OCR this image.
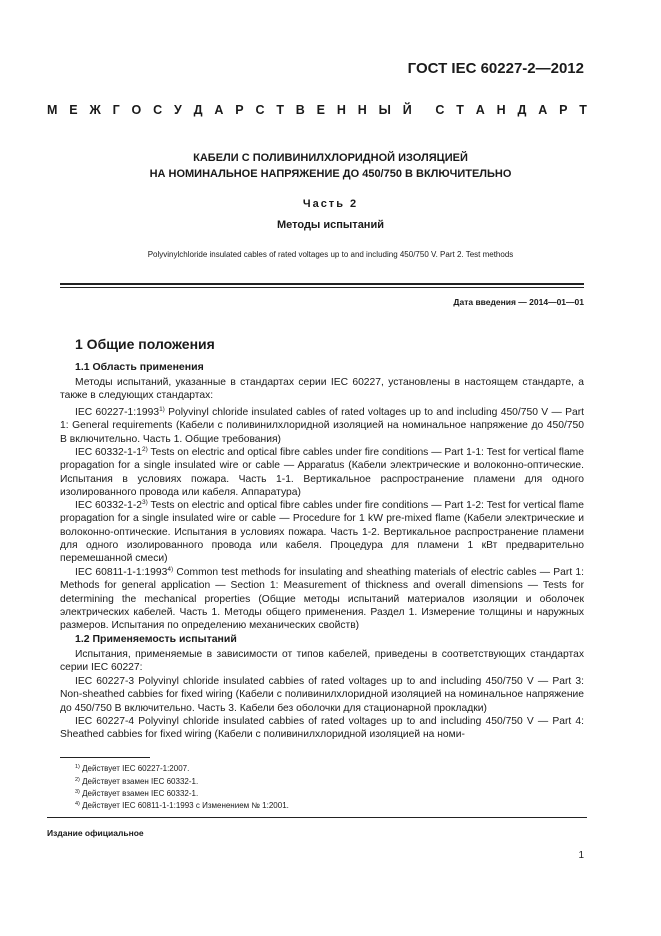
ГОСТ IEC 60227-2—2012
М Е Ж Г О С У Д А Р С Т В Е Н Н Ы Й С Т А Н Д А Р Т
КАБЕЛИ С ПОЛИВИНИЛХЛОРИДНОЙ ИЗОЛЯЦИЕЙ
НА НОМИНАЛЬНОЕ НАПРЯЖЕНИЕ ДО 450/750 В ВКЛЮЧИТЕЛЬНО
Часть 2
Методы испытаний
Polyvinylchloride insulated cables of rated voltages up to and including 450/750 V. Part 2. Test methods
Дата введения — 2014—01—01
1 Общие положения
1.1 Область применения
Методы испытаний, указанные в стандартах серии IEC 60227, установлены в настоящем стандарте, а также в следующих стандартах:
IEC 60227-1:1993$^{1)}$ Polyvinyl chloride insulated cables of rated voltages up to and including 450/750 V — Part 1: General requirements (Кабели с поливинилхлоридной изоляцией на номинальное напряжение до 450/750 В включительно. Часть 1. Общие требования)
IEC 60332-1-1$^{2)}$ Tests on electric and optical fibre cables under fire conditions — Part 1-1: Test for vertical flame propagation for a single insulated wire or cable — Apparatus (Кабели электрические и волоконно-оптические. Испытания в условиях пожара. Часть 1-1. Вертикальное распространение пламени для одного изолированного провода или кабеля. Аппаратура)
IEC 60332-1-2$^{3)}$ Tests on electric and optical fibre cables under fire conditions — Part 1-2: Test for vertical flame propagation for a single insulated wire or cable — Procedure for 1 kW pre-mixed flame (Кабели электрические и волоконно-оптические. Испытания в условиях пожара. Часть 1-2. Вертикальное распространение пламени для одного изолированного провода или кабеля. Процедура для пламени 1 кВт предварительно перемешанной смеси)
IEC 60811-1-1:1993$^{4)}$ Common test methods for insulating and sheathing materials of electric cables — Part 1: Methods for general application — Section 1: Measurement of thickness and overall dimensions — Tests for determining the mechanical properties (Общие методы испытаний материалов изоляции и оболочек электрических кабелей. Часть 1. Методы общего применения. Раздел 1. Измерение толщины и наружных размеров. Испытания по определению механических свойств)
1.2 Применяемость испытаний
Испытания, применяемые в зависимости от типов кабелей, приведены в соответствующих стандартах серии IEC 60227:
IEC 60227-3 Polyvinyl chloride insulated cabbies of rated voltages up to and including 450/750 V — Part 3: Non-sheathed cabbies for fixed wiring (Кабели с поливинилхлоридной изоляцией на номинальное напряжение до 450/750 В включительно. Часть 3. Кабели без оболочки для стационарной прокладки)
IEC 60227-4 Polyvinyl chloride insulated cabbies of rated voltages up to and including 450/750 V — Part 4: Sheathed cabbies for fixed wiring (Кабели с поливинилхлоридной изоляцией на номи-
$^{1)}$ Действует IEC 60227-1:2007.
$^{2)}$ Действует взамен IEC 60332-1.
$^{3)}$ Действует взамен IEC 60332-1.
$^{4)}$ Действует IEC 60811-1-1:1993 с Изменением № 1:2001.
Издание официальное
1
